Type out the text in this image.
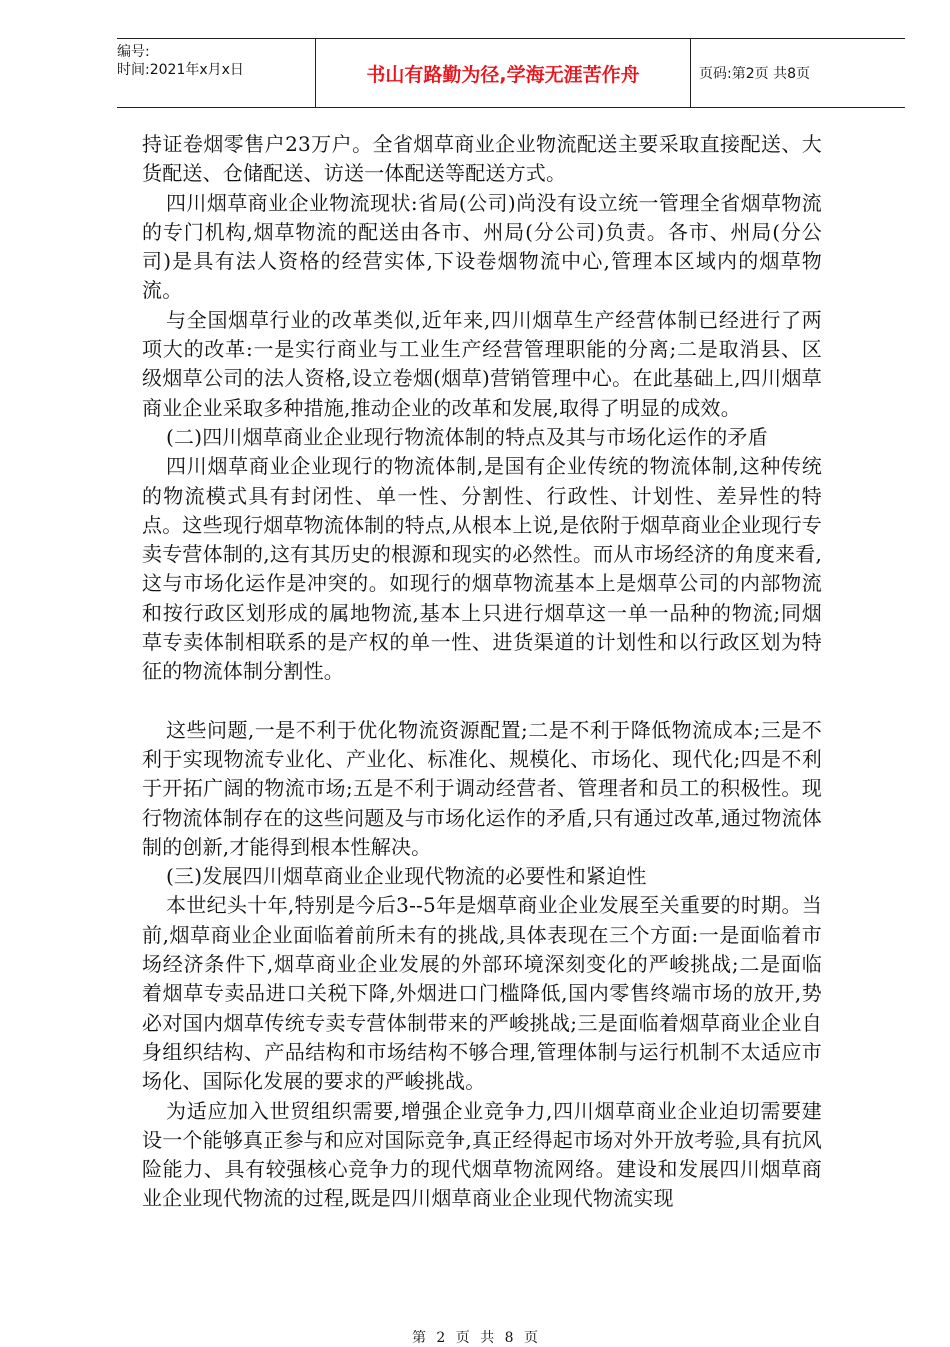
编号:
时间:2021年x月x日	书山有路勤为径,学海无涯苦作舟	页码:第2页 共8页

持证卷烟零售户23万户。全省烟草商业企业物流配送主要采取直接配送、大货配送、仓储配送、访送一体配送等配送方式。

四川烟草商业企业物流现状:省局(公司)尚没有设立统一管理全省烟草物流的专门机构,烟草物流的配送由各市、州局(分公司)负责。各市、州局(分公司)是具有法人资格的经营实体,下设卷烟物流中心,管理本区域内的烟草物流。

与全国烟草行业的改革类似,近年来,四川烟草生产经营体制已经进行了两项大的改革:一是实行商业与工业生产经营管理职能的分离;二是取消县、区级烟草公司的法人资格,设立卷烟(烟草)营销管理中心。在此基础上,四川烟草商业企业采取多种措施,推动企业的改革和发展,取得了明显的成效。

(二)四川烟草商业企业现行物流体制的特点及其与市场化运作的矛盾

四川烟草商业企业现行的物流体制,是国有企业传统的物流体制,这种传统的物流模式具有封闭性、单一性、分割性、行政性、计划性、差异性的特点。这些现行烟草物流体制的特点,从根本上说,是依附于烟草商业企业现行专卖专营体制的,这有其历史的根源和现实的必然性。而从市场经济的角度来看,这与市场化运作是冲突的。如现行的烟草物流基本上是烟草公司的内部物流和按行政区划形成的属地物流,基本上只进行烟草这一单一品种的物流;同烟草专卖体制相联系的是产权的单一性、进货渠道的计划性和以行政区划为特征的物流体制分割性。

这些问题,一是不利于优化物流资源配置;二是不利于降低物流成本;三是不利于实现物流专业化、产业化、标准化、规模化、市场化、现代化;四是不利于开拓广阔的物流市场;五是不利于调动经营者、管理者和员工的积极性。现行物流体制存在的这些问题及与市场化运作的矛盾,只有通过改革,通过物流体制的创新,才能得到根本性解决。

(三)发展四川烟草商业企业现代物流的必要性和紧迫性

本世纪头十年,特别是今后3--5年是烟草商业企业发展至关重要的时期。当前,烟草商业企业面临着前所未有的挑战,具体表现在三个方面:一是面临着市场经济条件下,烟草商业企业发展的外部环境深刻变化的严峻挑战;二是面临着烟草专卖品进口关税下降,外烟进口门槛降低,国内零售终端市场的放开,势必对国内烟草传统专卖专营体制带来的严峻挑战;三是面临着烟草商业企业自身组织结构、产品结构和市场结构不够合理,管理体制与运行机制不太适应市场化、国际化发展的要求的严峻挑战。

为适应加入世贸组织需要,增强企业竞争力,四川烟草商业企业迫切需要建设一个能够真正参与和应对国际竞争,真正经得起市场对外开放考验,具有抗风险能力、具有较强核心竞争力的现代烟草物流网络。建设和发展四川烟草商业企业现代物流的过程,既是四川烟草商业企业现代物流实现

第 2 页 共 8 页
